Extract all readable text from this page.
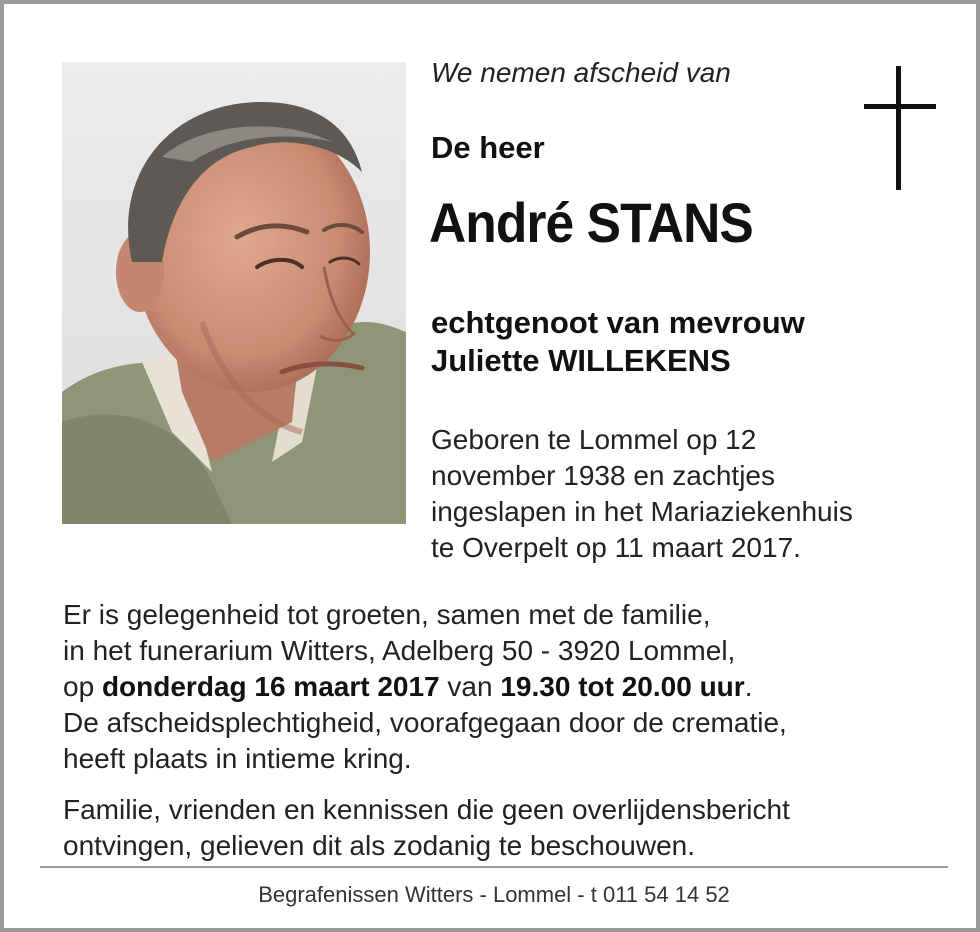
We nemen afscheid van
De heer
André STANS
echtgenoot van mevrouw
Juliette WILLEKENS
Geboren te Lommel op 12
november 1938 en zachtjes
ingeslapen in het Mariaziekenhuis
te Overpelt op 11 maart 2017.
Er is gelegenheid tot groeten, samen met de familie,
in het funerarium Witters, Adelberg 50 - 3920 Lommel,
op donderdag 16 maart 2017 van 19.30 tot 20.00 uur.
De afscheidsplechtigheid, voorafgegaan door de crematie,
heeft plaats in intieme kring.
Familie, vrienden en kennissen die geen overlijdensbericht
ontvingen, gelieven dit als zodanig te beschouwen.
Begrafenissen Witters - Lommel - t 011 54 14 52
